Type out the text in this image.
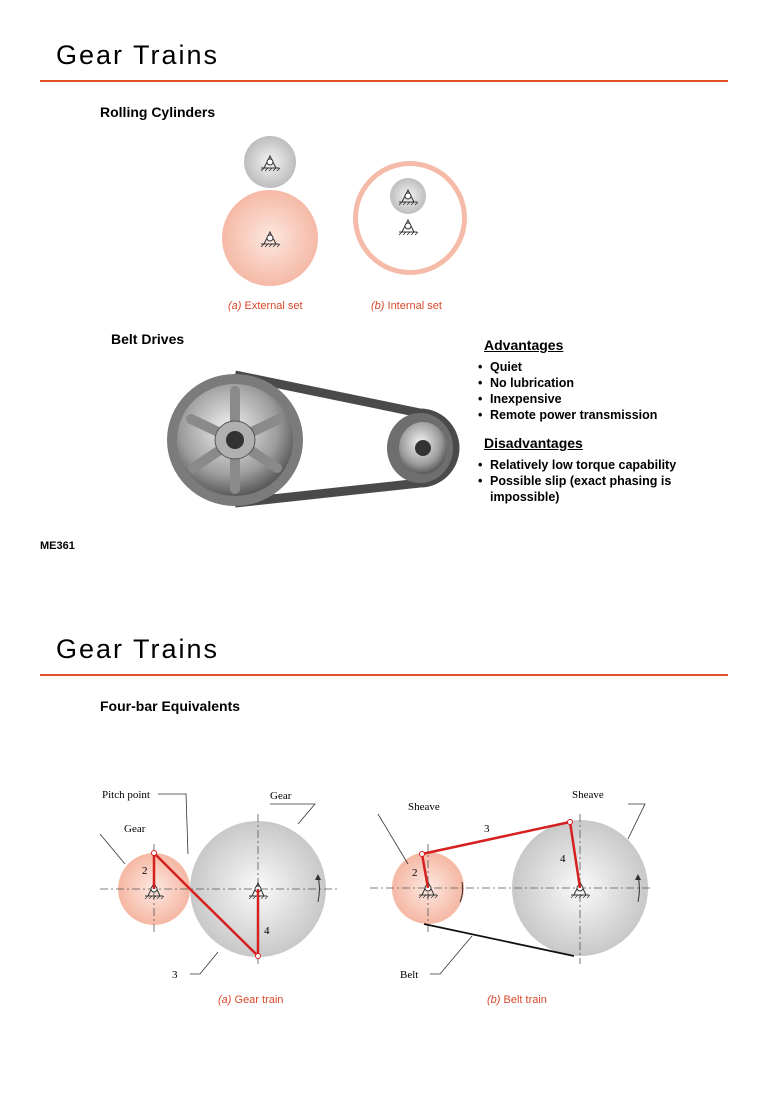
Gear Trains
Rolling Cylinders
(a) External set	(b) Internal set
Belt Drives	Advantages
• Quiet
• No lubrication
• Inexpensive
• Remote power transmission
Disadvantages
• Relatively low torque capability
• Possible slip (exact phasing is impossible)
ME361
Gear Trains
Four-bar Equivalents
Pitch point	Gear
Gear
2
4
3
(a) Gear train
Sheave
Sheave
Belt
2
3
4
(b) Belt train
